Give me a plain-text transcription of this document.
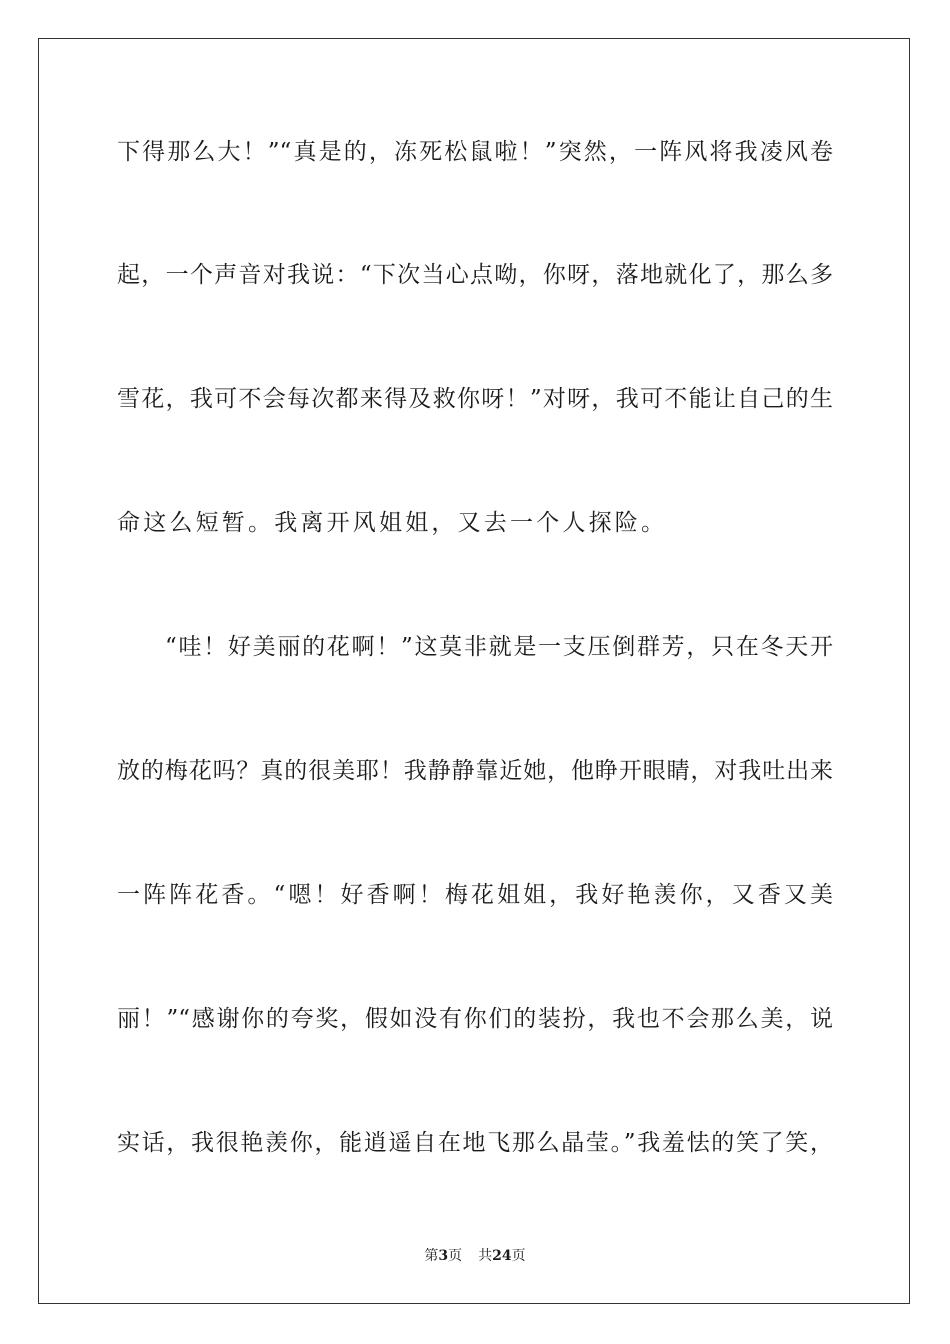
下得那么大！”“真是的，冻死松鼠啦！”突然，一阵风将我凌风卷
起，一个声音对我说：“下次当心点呦，你呀，落地就化了，那么多
雪花，我可不会每次都来得及救你呀！”对呀，我可不能让自己的生
命这么短暂。我离开风姐姐，又去一个人探险。
“哇！好美丽的花啊！”这莫非就是一支压倒群芳，只在冬天开
放的梅花吗？真的很美耶！我静静靠近她，他睁开眼睛，对我吐出来
一阵阵花香。“嗯！好香啊！梅花姐姐，我好艳羡你，又香又美
丽！”“感谢你的夸奖，假如没有你们的装扮，我也不会那么美，说
实话，我很艳羡你，能逍遥自在地飞那么晶莹。”我羞怯的笑了笑，
第3页 共24页
